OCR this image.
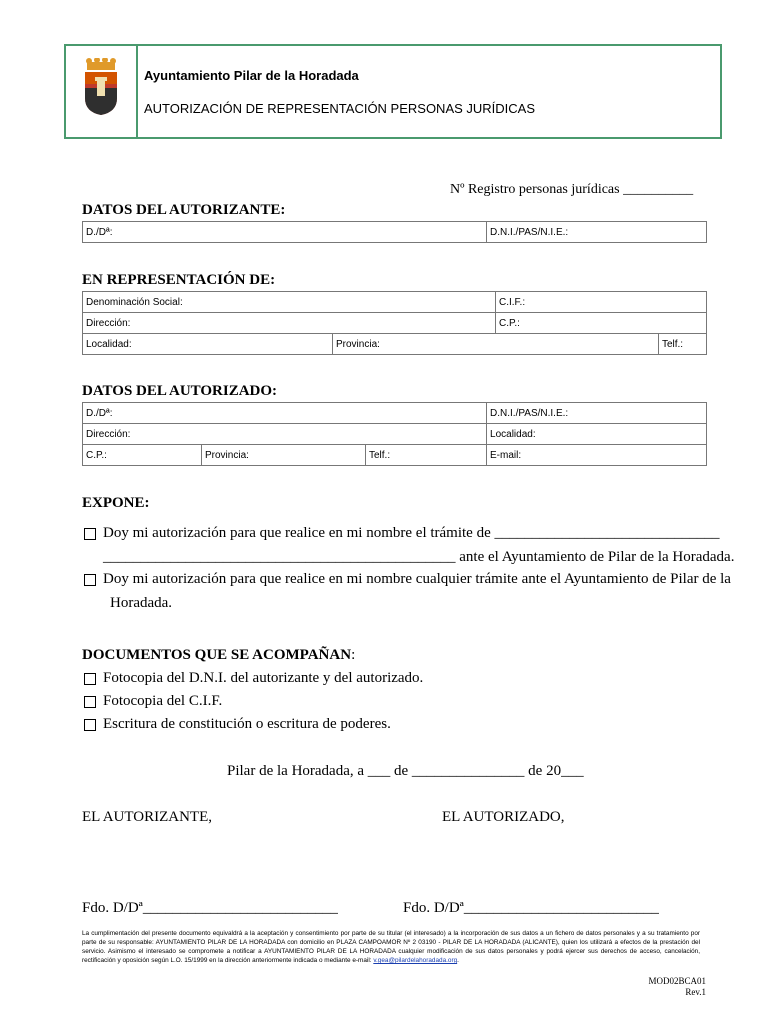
Ayuntamiento Pilar de la Horadada
AUTORIZACIÓN DE REPRESENTACIÓN PERSONAS JURÍDICAS
Nº Registro personas jurídicas __________
DATOS DEL AUTORIZANTE:
D./Dª:	D.N.I./PAS/N.I.E.:
EN REPRESENTACIÓN DE:
Denominación Social:		C.I.F.:	
Dirección:		C.P.:	
Localidad:	Provincia:		Telf.:
DATOS DEL AUTORIZADO:
D./Dª:			D.N.I./PAS/N.I.E.:
Dirección:			Localidad:
C.P.:	Provincia:	Telf.:	E-mail:
EXPONE:
Doy mi autorización para que realice en mi nombre el trámite de ______________________________
_______________________________________________ ante el Ayuntamiento de Pilar de la Horadada.
Doy mi autorización para que realice en mi nombre cualquier trámite ante el Ayuntamiento de Pilar de la
Horadada.
DOCUMENTOS QUE SE ACOMPAÑAN:
Fotocopia del D.N.I. del autorizante y del autorizado.
Fotocopia del C.I.F.
Escritura de constitución o escritura de poderes.
Pilar de la Horadada, a ___ de _______________ de 20___
EL AUTORIZANTE,	EL AUTORIZADO,
Fdo. D/Dª__________________________	Fdo. D/Dª__________________________
La cumplimentación del presente documento equivaldrá a la aceptación y consentimiento por parte de su titular (el interesado) a la incorporación de sus datos a un fichero de datos personales y a su tratamiento por parte de su responsable: AYUNTAMIENTO PILAR DE LA HORADADA con domicilio en PLAZA CAMPOAMOR Nº 2 03190 - PILAR DE LA HORADADA (ALICANTE), quien los utilizará a efectos de la prestación del servicio. Asimismo el interesado se compromete a notificar a AYUNTAMIENTO PILAR DE LA HORADADA cualquier modificación de sus datos personales y podrá ejercer sus derechos de acceso, cancelación, rectificación y oposición según L.O. 15/1999 en la dirección anteriormente indicada o mediante e-mail: v.gea@pilardelahoradada.org.
MOD02BCA01
Rev.1
